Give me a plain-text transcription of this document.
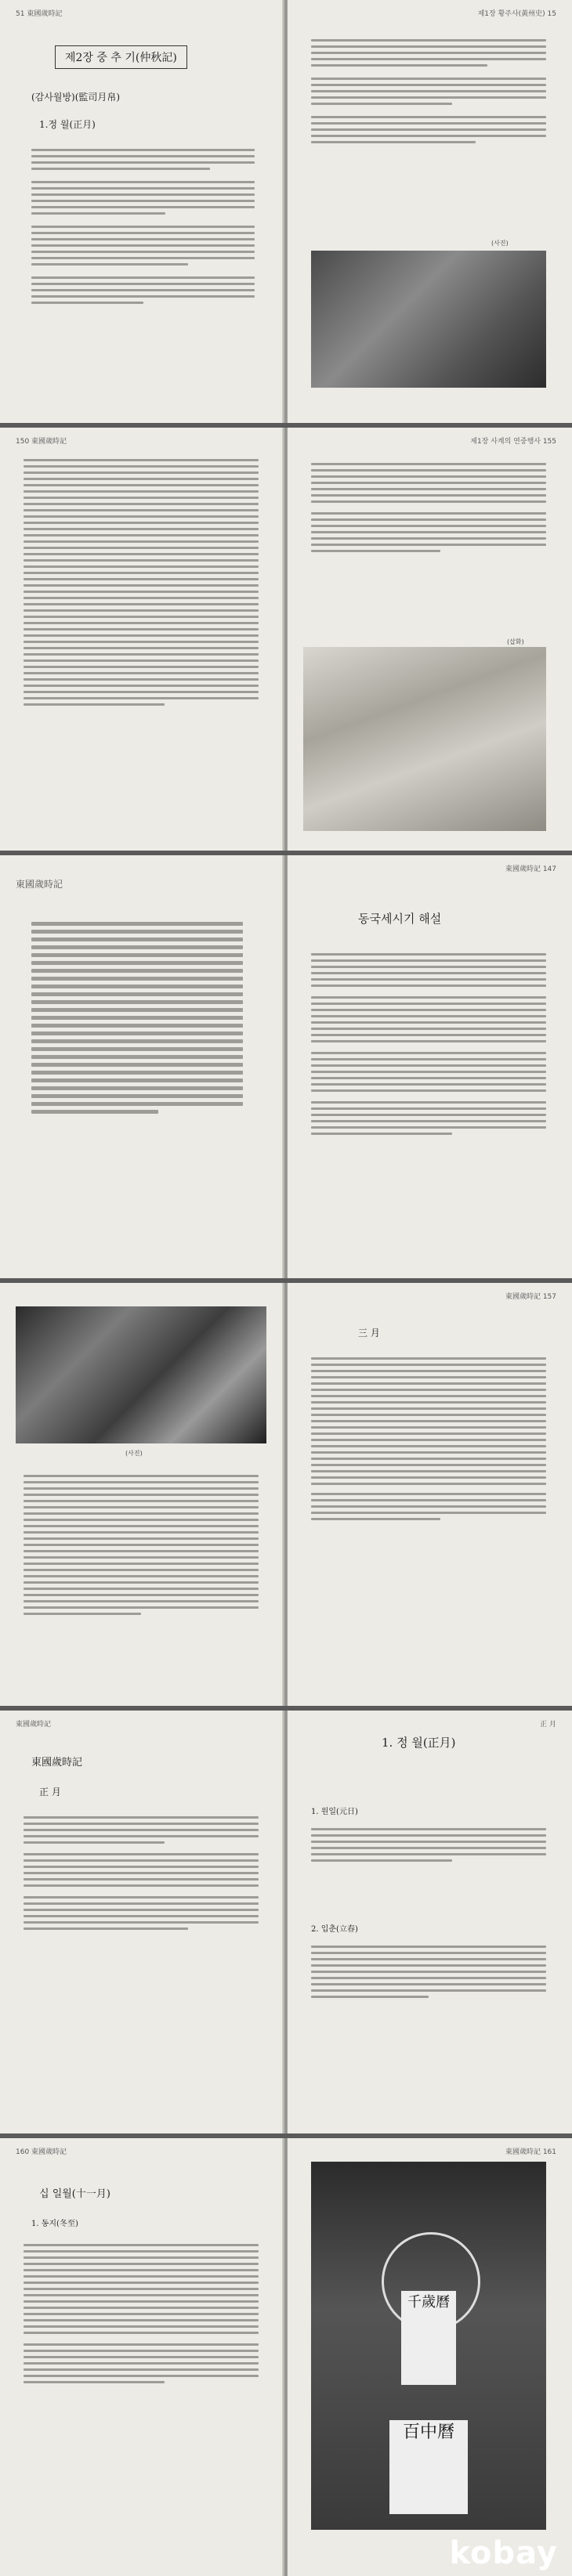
51 東國歲時記
제2장 중 추 기(仲秋記)
(감사월방)(監司月帛)
1.정 월(正月)
제1장 황주사(黃州史) 15
(사진)
150 東國歲時記	제1장 사계의 연중행사 155
(삽화)
東國歲時記
東國歲時記 147
동국세시기 해설
(사진)
東國歲時記 157
三 月
東國歲時記
東國歲時記
正 月
正 月
1. 정 월(正月)
1. 원일(元日)
2. 입춘(立春)
160 東國歲時記
십 일월(十一月)
1. 동지(冬至)
東國歲時記 161
千歲曆
百中曆
kobay
